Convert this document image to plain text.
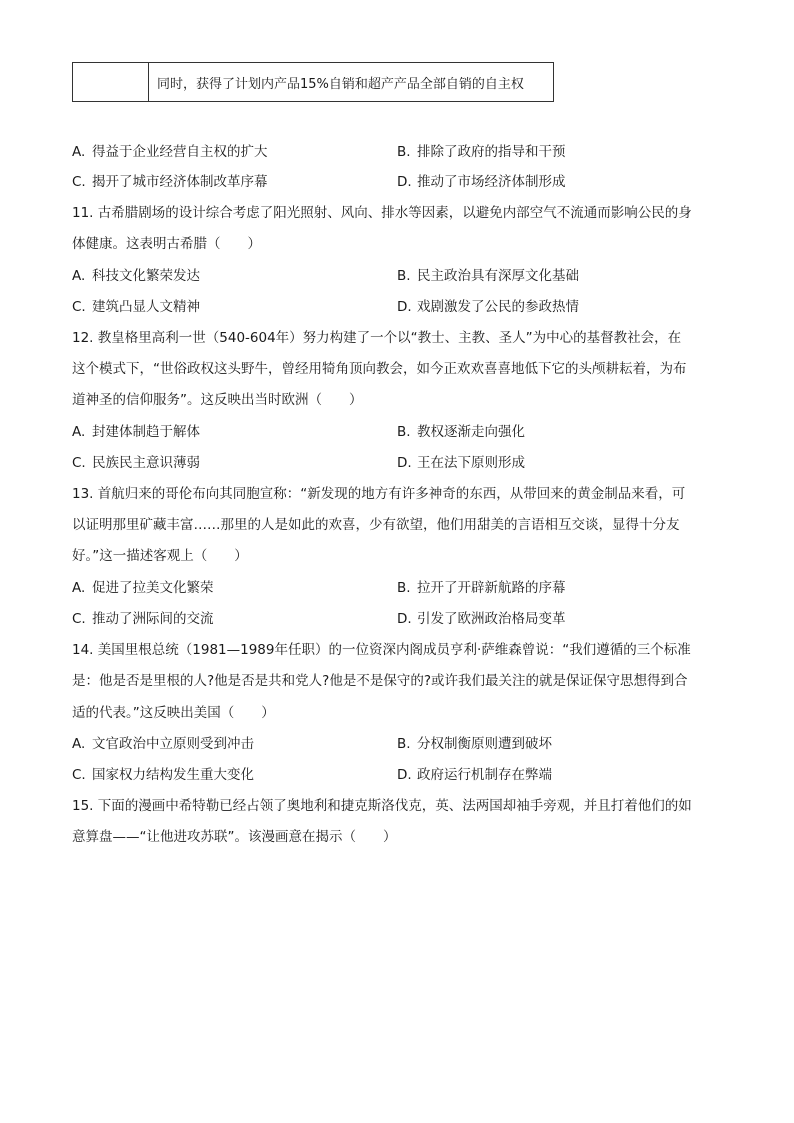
	同时，获得了计划内产品15%自销和超产产品全部自销的自主权
A. 得益于企业经营自主权的扩大	B. 排除了政府的指导和干预
C. 揭开了城市经济体制改革序幕	D. 推动了市场经济体制形成
11. 古希腊剧场的设计综合考虑了阳光照射、风向、排水等因素，以避免内部空气不流通而影响公民的身
体健康。这表明古希腊（　　）
A. 科技文化繁荣发达	B. 民主政治具有深厚文化基础
C. 建筑凸显人文精神	D. 戏剧激发了公民的参政热情
12. 教皇格里高利一世（540-604年）努力构建了一个以“教士、主教、圣人”为中心的基督教社会，在
这个模式下，“世俗政权这头野牛，曾经用犄角顶向教会，如今正欢欢喜喜地低下它的头颅耕耘着，为布
道神圣的信仰服务”。这反映出当时欧洲（　　）
A. 封建体制趋于解体	B. 教权逐渐走向强化
C. 民族民主意识薄弱	D. 王在法下原则形成
13. 首航归来的哥伦布向其同胞宣称：“新发现的地方有许多神奇的东西，从带回来的黄金制品来看，可
以证明那里矿藏丰富……那里的人是如此的欢喜，少有欲望，他们用甜美的言语相互交谈，显得十分友
好。”这一描述客观上（　　）
A. 促进了拉美文化繁荣	B. 拉开了开辟新航路的序幕
C. 推动了洲际间的交流	D. 引发了欧洲政治格局变革
14. 美国里根总统（1981—1989年任职）的一位资深内阁成员亨利·萨维森曾说：“我们遵循的三个标准
是：他是否是里根的人?他是否是共和党人?他是不是保守的?或许我们最关注的就是保证保守思想得到合
适的代表。”这反映出美国（　　）
A. 文官政治中立原则受到冲击	B. 分权制衡原则遭到破坏
C. 国家权力结构发生重大变化	D. 政府运行机制存在弊端
15. 下面的漫画中希特勒已经占领了奥地利和捷克斯洛伐克，英、法两国却袖手旁观，并且打着他们的如
意算盘——“让他进攻苏联”。该漫画意在揭示（　　）
